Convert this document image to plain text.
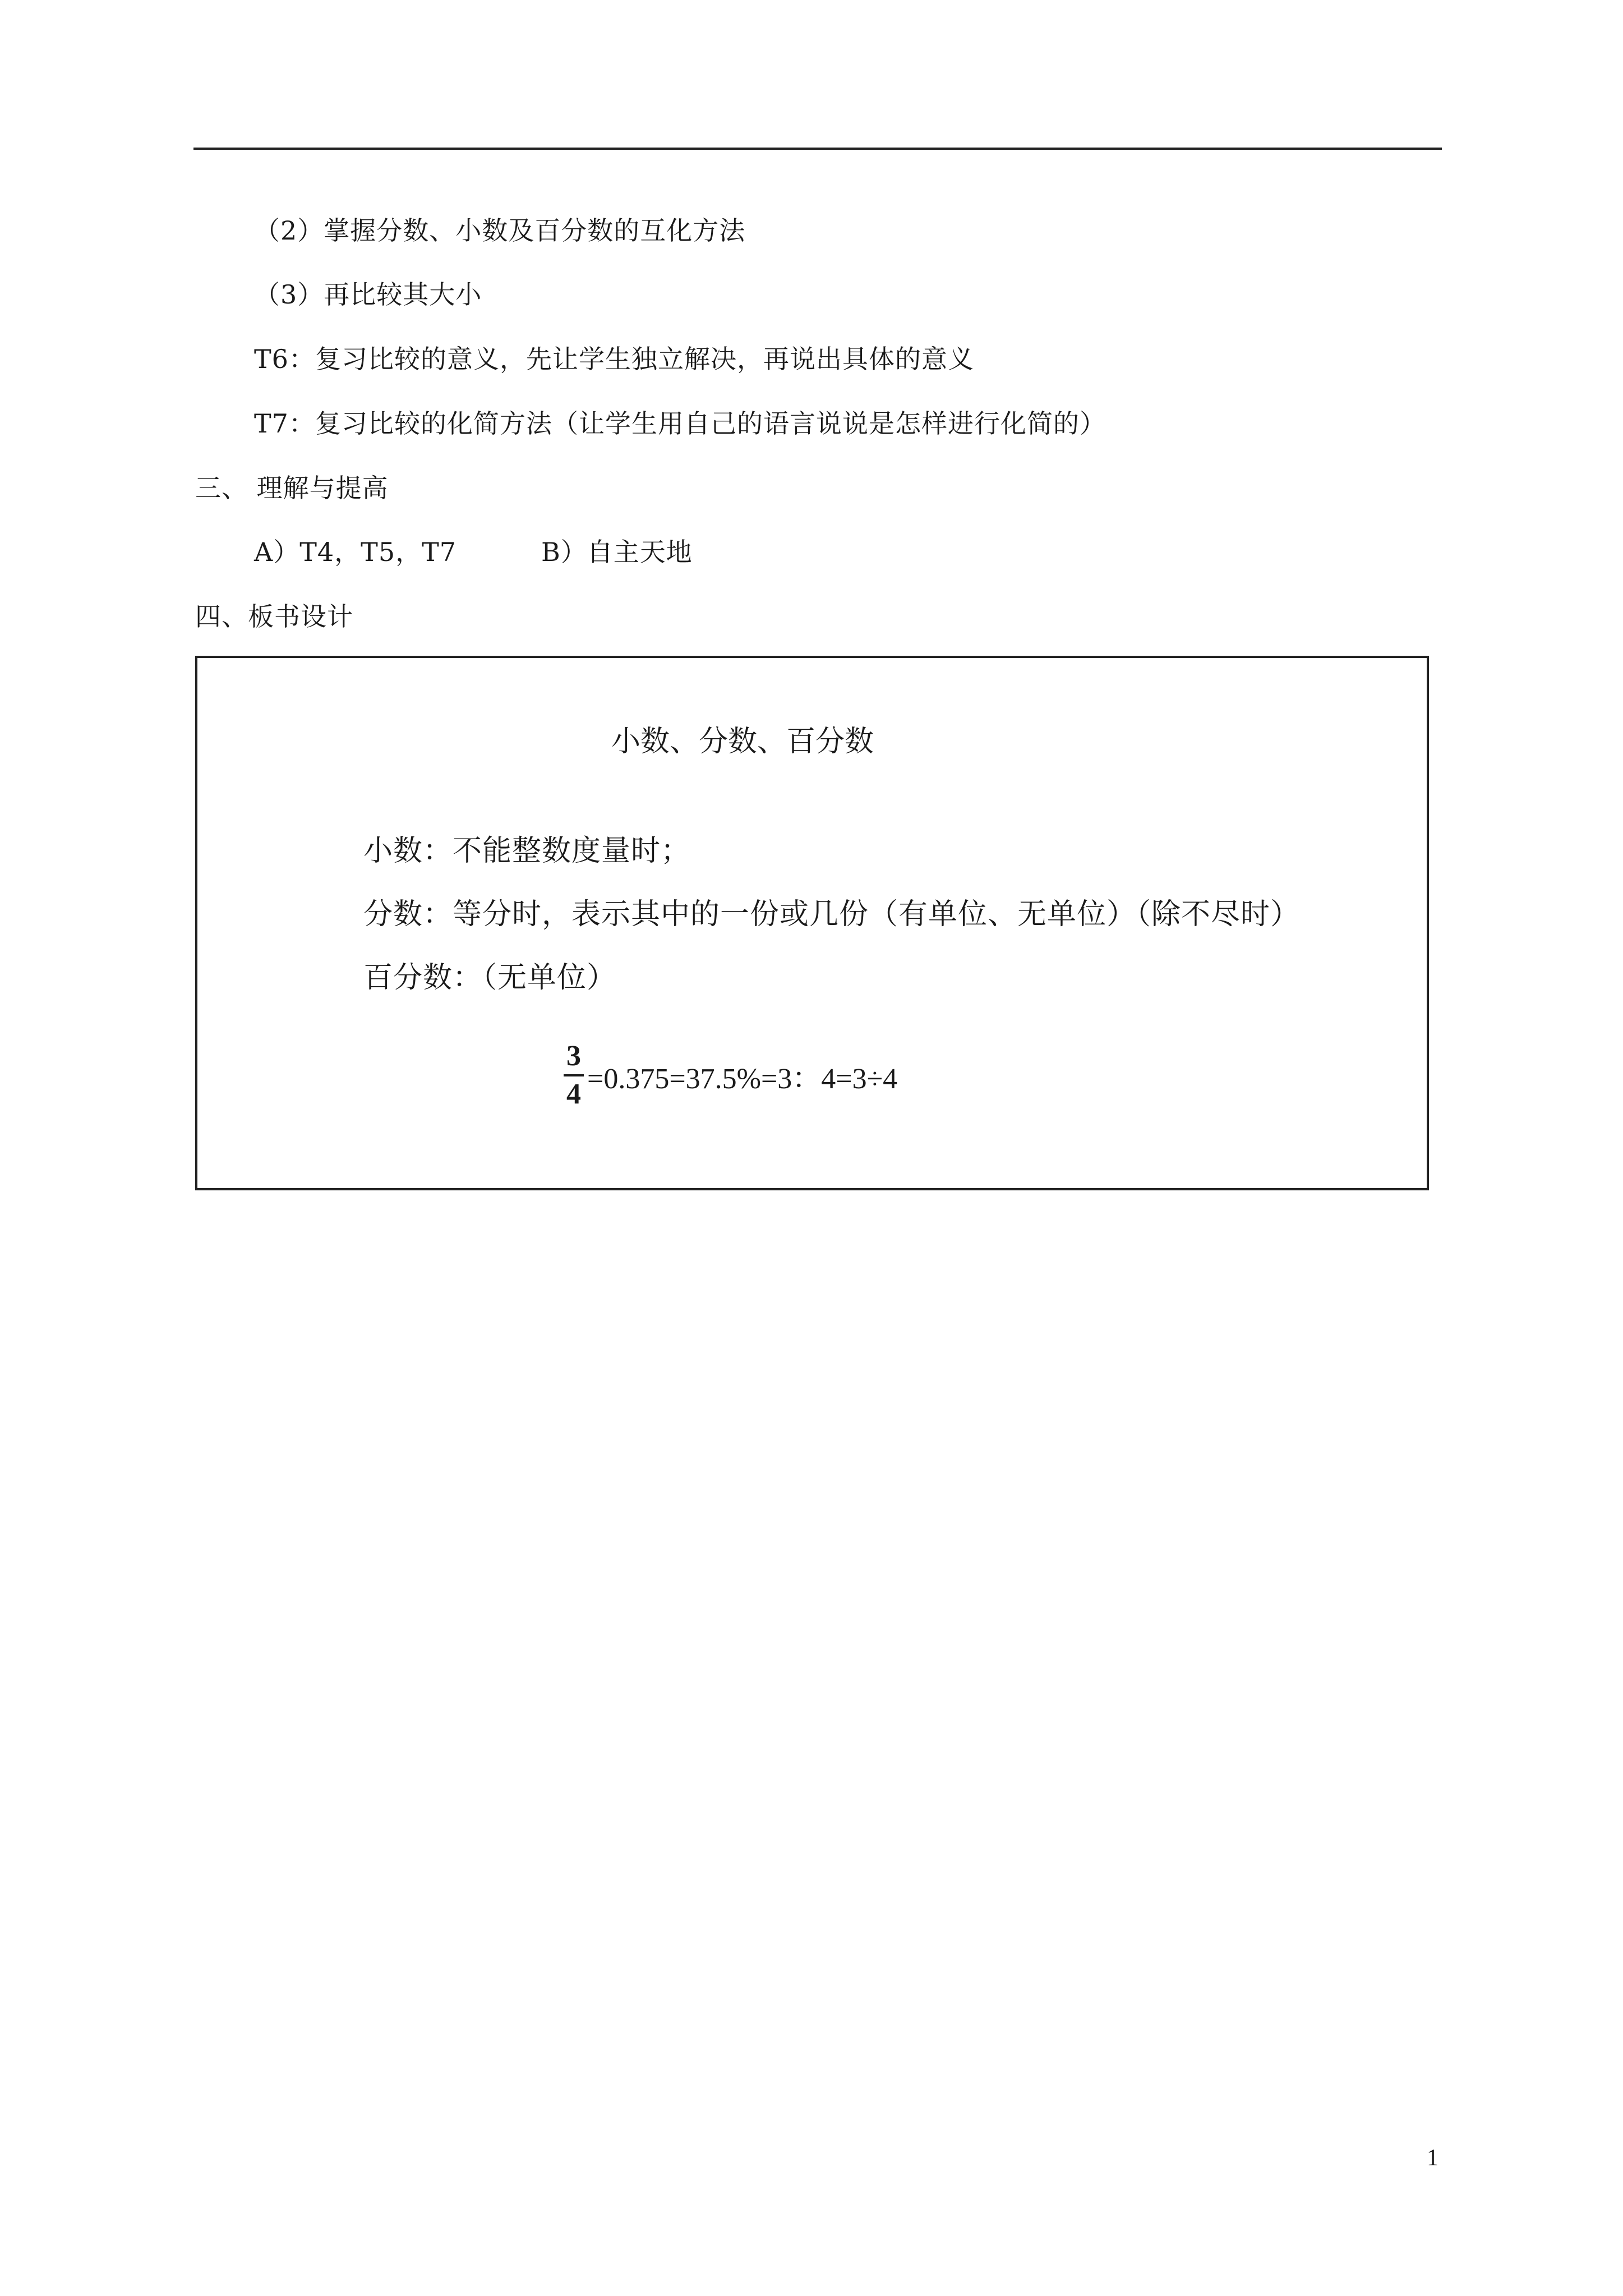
（2）掌握分数、小数及百分数的互化方法
（3）再比较其大小
T6：复习比较的意义，先让学生独立解决，再说出具体的意义
T7：复习比较的化简方法（让学生用自己的语言说说是怎样进行化简的）
三、 理解与提高
A）T4，T5，T7	B）自主天地
四、板书设计
小数、分数、百分数
小数：不能整数度量时；
分数：等分时，表示其中的一份或几份（有单位、无单位）（除不尽时）
百分数：（无单位）
$\frac{3}{4} =0.375=37.5\%=3$：4=3÷4
1
